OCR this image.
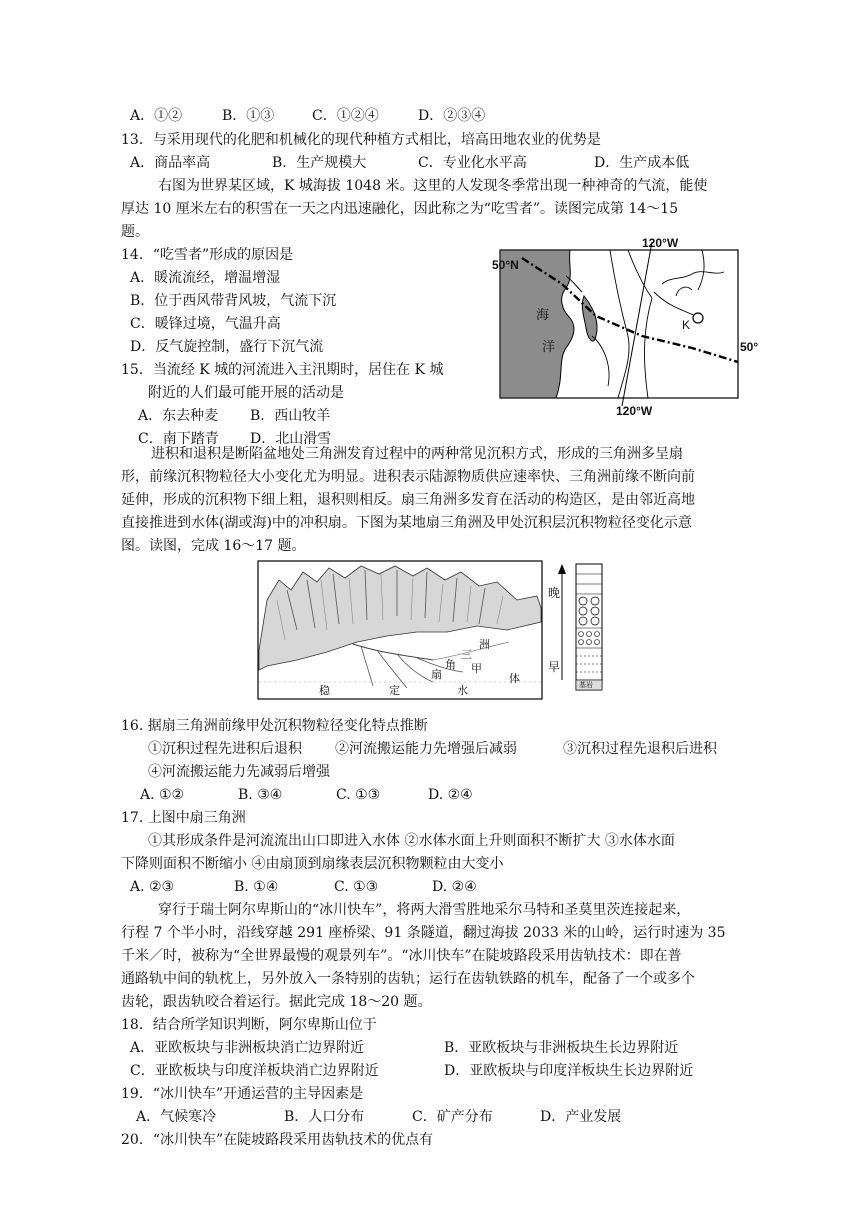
A．①②	B．①③	C．①②④	D．②③④
13．与采用现代的化肥和机械化的现代种植方式相比，培高田地农业的优势是
A．商品率高	B．生产规模大	C．专业化水平高	D．生产成本低
右图为世界某区域，K 城海拔 1048 米。这里的人发现冬季常出现一种神奇的气流，能使
厚达 10 厘米左右的积雪在一天之内迅速融化，因此称之为“吃雪者”。读图完成第 14～15
题。
14．“吃雪者”形成的原因是
A．暖流流经，增温增湿
B．位于西风带背风坡，气流下沉
C．暖锋过境，气温升高
D．反气旋控制，盛行下沉气流
15．当流经 K 城的河流进入主汛期时，居住在 K 城
附近的人们最可能开展的活动是
A．东去种麦 B．西山牧羊
C．南下踏青 D．北山滑雪
120°W
120°W
50°N
50°
海
洋
K
进积和退积是断陷盆地处三角洲发育过程中的两种常见沉积方式，形成的三角洲多呈扇
形，前缘沉积物粒径大小变化尤为明显。进积表示陆源物质供应速率快、三角洲前缘不断向前
延伸，形成的沉积物下细上粗，退积则相反。扇三角洲多发育在活动的构造区，是由邻近高地
直接推进到水体(湖或海)中的冲积扇。下图为某地扇三角洲及甲处沉积层沉积物粒径变化示意
图。读图，完成 16～17 题。
洲
三
角
扇	甲
体
稳	定	水
晚
早
基岩
16. 据扇三角洲前缘甲处沉积物粒径变化特点推断
①沉积过程先进积后退积 ②河流搬运能力先增强后减弱	③沉积过程先退积后进积
④河流搬运能力先减弱后增强
A. ①②	B. ③④	C. ①③	D. ②④
17. 上图中扇三角洲
①其形成条件是河流流出山口即进入水体 ②水体水面上升则面积不断扩大 ③水体水面
下降则面积不断缩小 ④由扇顶到扇缘表层沉积物颗粒由大变小
A. ②③	B. ①④	C. ①③	D. ②④
穿行于瑞士阿尔卑斯山的“冰川快车”，将两大滑雪胜地采尔马特和圣莫里茨连接起来，
行程 7 个半小时，沿线穿越 291 座桥梁、91 条隧道，翻过海拔 2033 米的山岭，运行时速为 35
千米／时，被称为“全世界最慢的观景列车”。“冰川快车”在陡坡路段采用齿轨技术：即在普
通路轨中间的轨枕上，另外放入一条特别的齿轨；运行在齿轨铁路的机车，配备了一个或多个
齿轮，跟齿轨咬合着运行。据此完成 18～20 题。
18．结合所学知识判断，阿尔卑斯山位于
A．亚欧板块与非洲板块消亡边界附近	B．亚欧板块与非洲板块生长边界附近
C．亚欧板块与印度洋板块消亡边界附近	D．亚欧板块与印度洋板块生长边界附近
19．“冰川快车”开通运营的主导因素是
A．气候寒冷	B．人口分布	C．矿产分布	D．产业发展
20．“冰川快车”在陡坡路段采用齿轨技术的优点有
